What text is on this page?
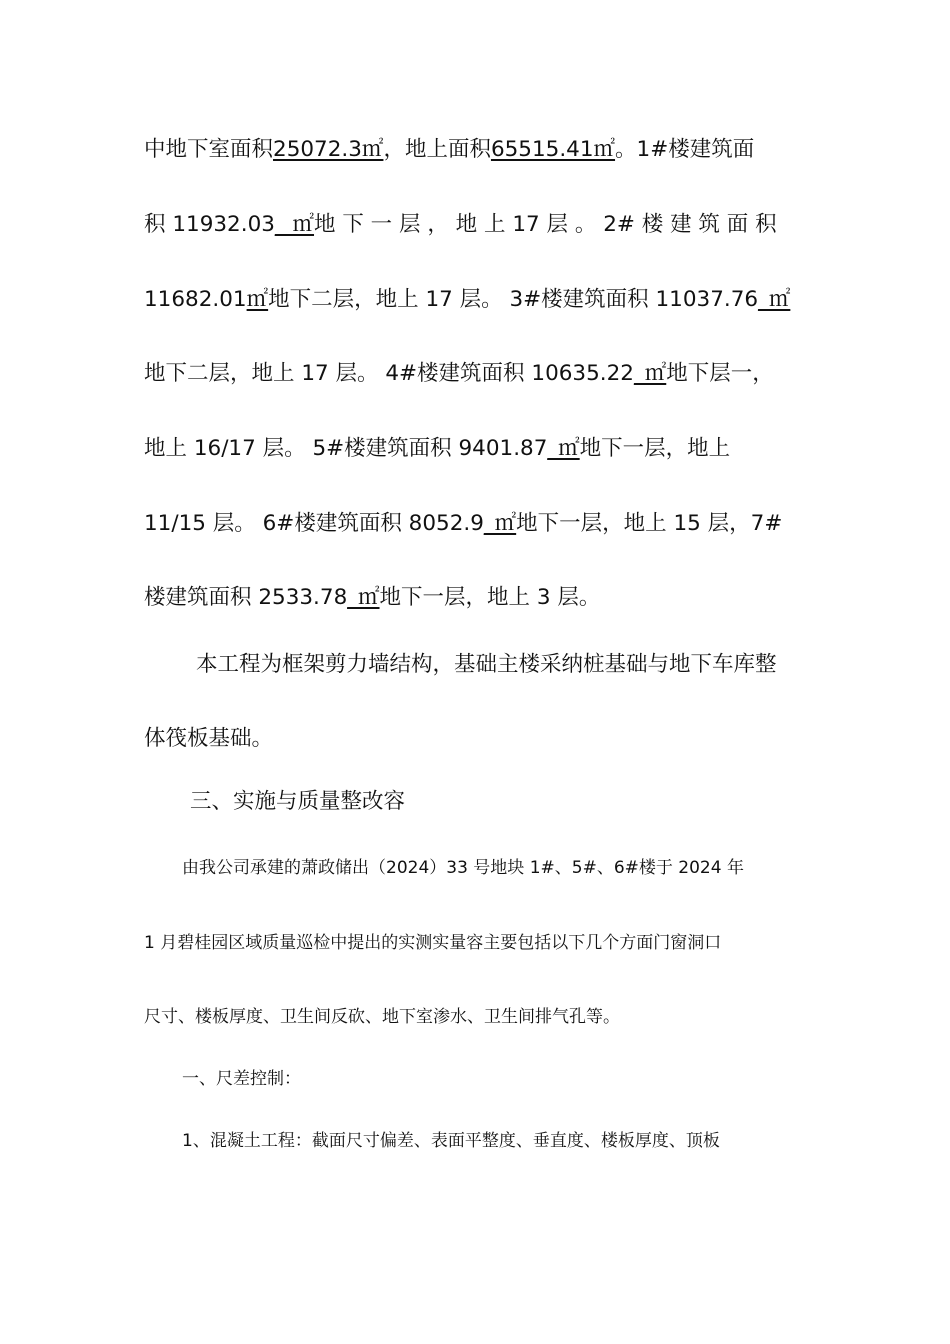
中地下室面积25072.3㎡，地上面积65515.41㎡。1#楼建筑面
积 11932.03_ ㎡地 下 一 层 ， 地 上 17 层 。 2# 楼 建 筑 面 积
11682.01㎡地下二层，地上 17 层。 3#楼建筑面积 11037.76_㎡
地下二层，地上 17 层。 4#楼建筑面积 10635.22_㎡地下层一，
地上 16/17 层。 5#楼建筑面积 9401.87_㎡地下一层，地上
11/15 层。 6#楼建筑面积 8052.9_㎡地下一层，地上 15 层，7#
楼建筑面积 2533.78_㎡地下一层，地上 3 层。
本工程为框架剪力墙结构，基础主楼采纳桩基础与地下车库整
体筏板基础。
三、实施与质量整改容
由我公司承建的萧政储出（2024）33 号地块 1#、5#、6#楼于 2024 年
1 月碧桂园区域质量巡检中提出的实测实量容主要包括以下几个方面门窗洞口
尺寸、楼板厚度、卫生间反砍、地下室渗水、卫生间排气孔等。
一、尺差控制：
1、混凝土工程：截面尺寸偏差、表面平整度、垂直度、楼板厚度、顶板
